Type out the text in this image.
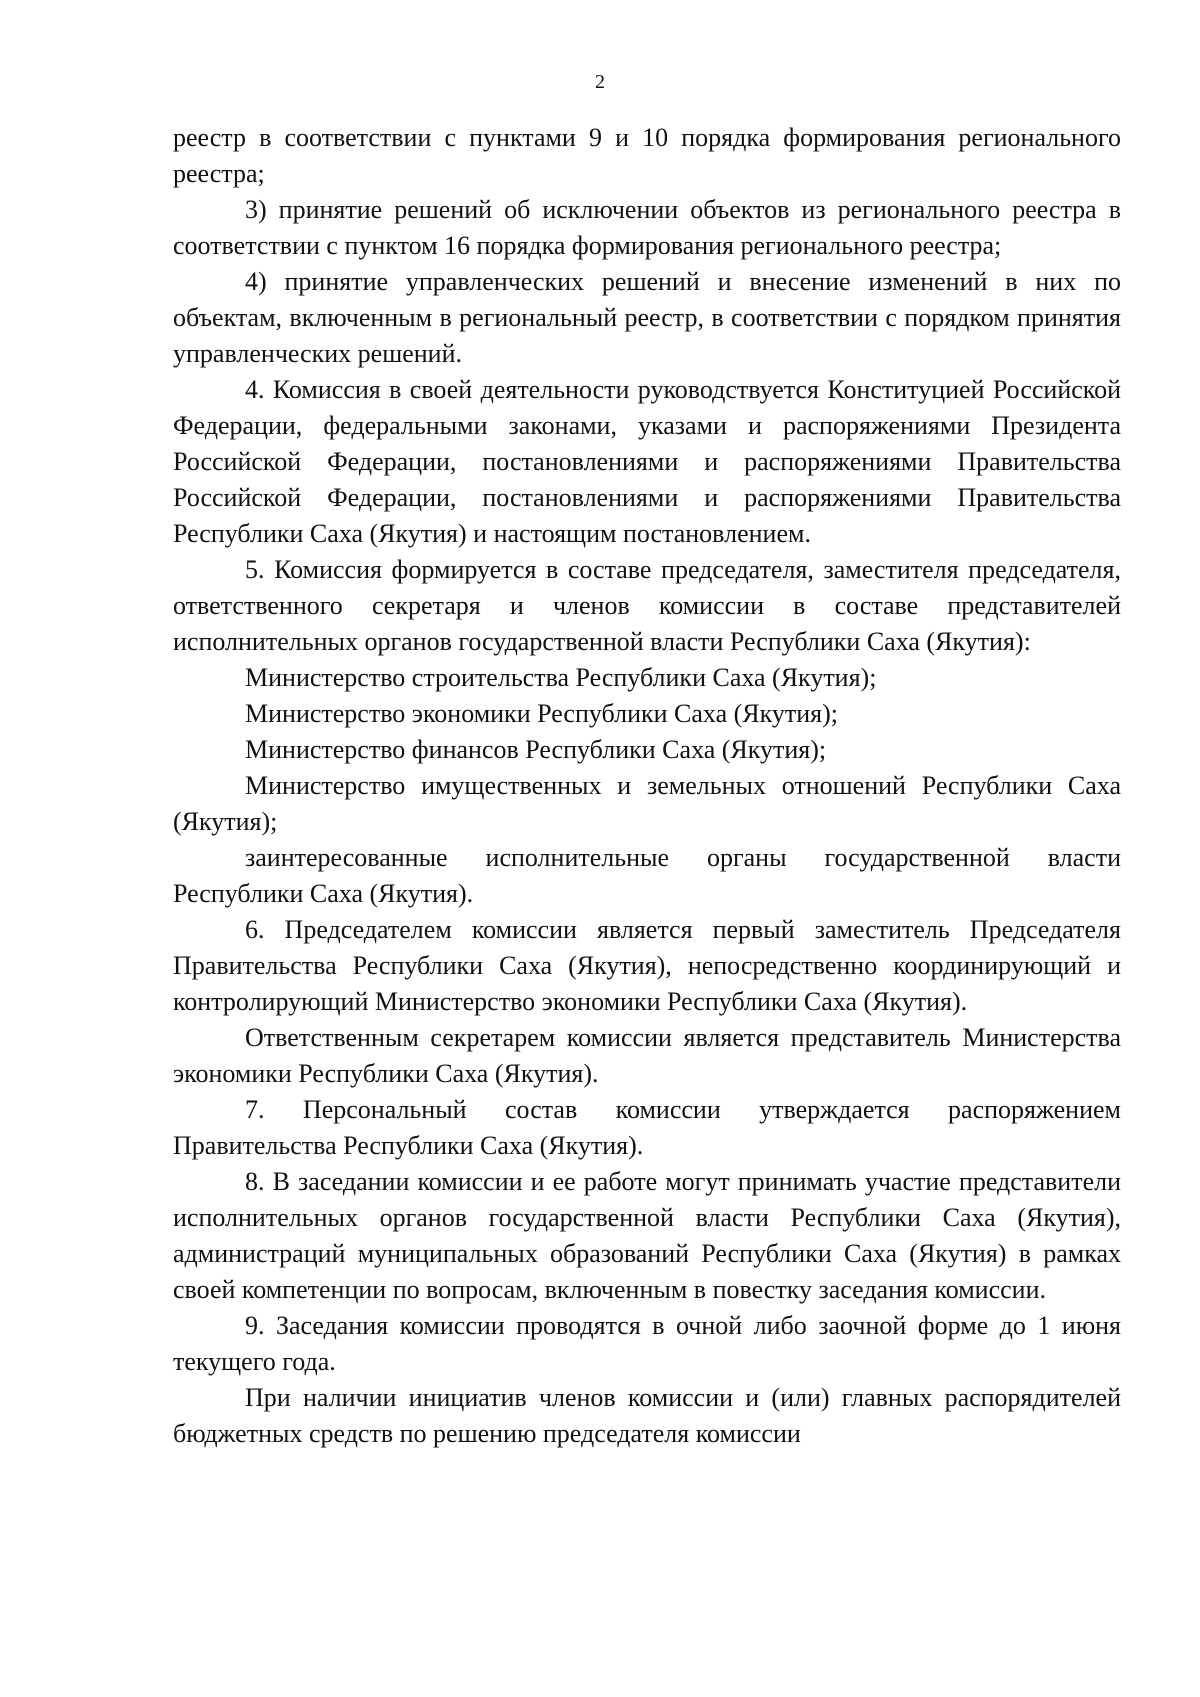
2

реестр в соответствии с пунктами 9 и 10 порядка формирования регионального реестра;

3) принятие решений об исключении объектов из регионального реестра в соответствии с пунктом 16 порядка формирования регионального реестра;

4) принятие управленческих решений и внесение изменений в них по объектам, включенным в региональный реестр, в соответствии с порядком принятия управленческих решений.

4. Комиссия в своей деятельности руководствуется Конституцией Российской Федерации, федеральными законами, указами и распоряжениями Президента Российской Федерации, постановлениями и распоряжениями Правительства Российской Федерации, постановлениями и распоряжениями Правительства Республики Саха (Якутия) и настоящим постановлением.

5. Комиссия формируется в составе председателя, заместителя председателя, ответственного секретаря и членов комиссии в составе представителей исполнительных органов государственной власти Республики Саха (Якутия):

Министерство строительства Республики Саха (Якутия);

Министерство экономики Республики Саха (Якутия);

Министерство финансов Республики Саха (Якутия);

Министерство имущественных и земельных отношений Республики Саха (Якутия);

заинтересованные исполнительные органы государственной власти Республики Саха (Якутия).

6. Председателем комиссии является первый заместитель Председателя Правительства Республики Саха (Якутия), непосредственно координирующий и контролирующий Министерство экономики Республики Саха (Якутия).

Ответственным секретарем комиссии является представитель Министерства экономики Республики Саха (Якутия).

7. Персональный состав комиссии утверждается распоряжением Правительства Республики Саха (Якутия).

8. В заседании комиссии и ее работе могут принимать участие представители исполнительных органов государственной власти Республики Саха (Якутия), администраций муниципальных образований Республики Саха (Якутия) в рамках своей компетенции по вопросам, включенным в повестку заседания комиссии.

9. Заседания комиссии проводятся в очной либо заочной форме до 1 июня текущего года.

При наличии инициатив членов комиссии и (или) главных распорядителей бюджетных средств по решению председателя комиссии
